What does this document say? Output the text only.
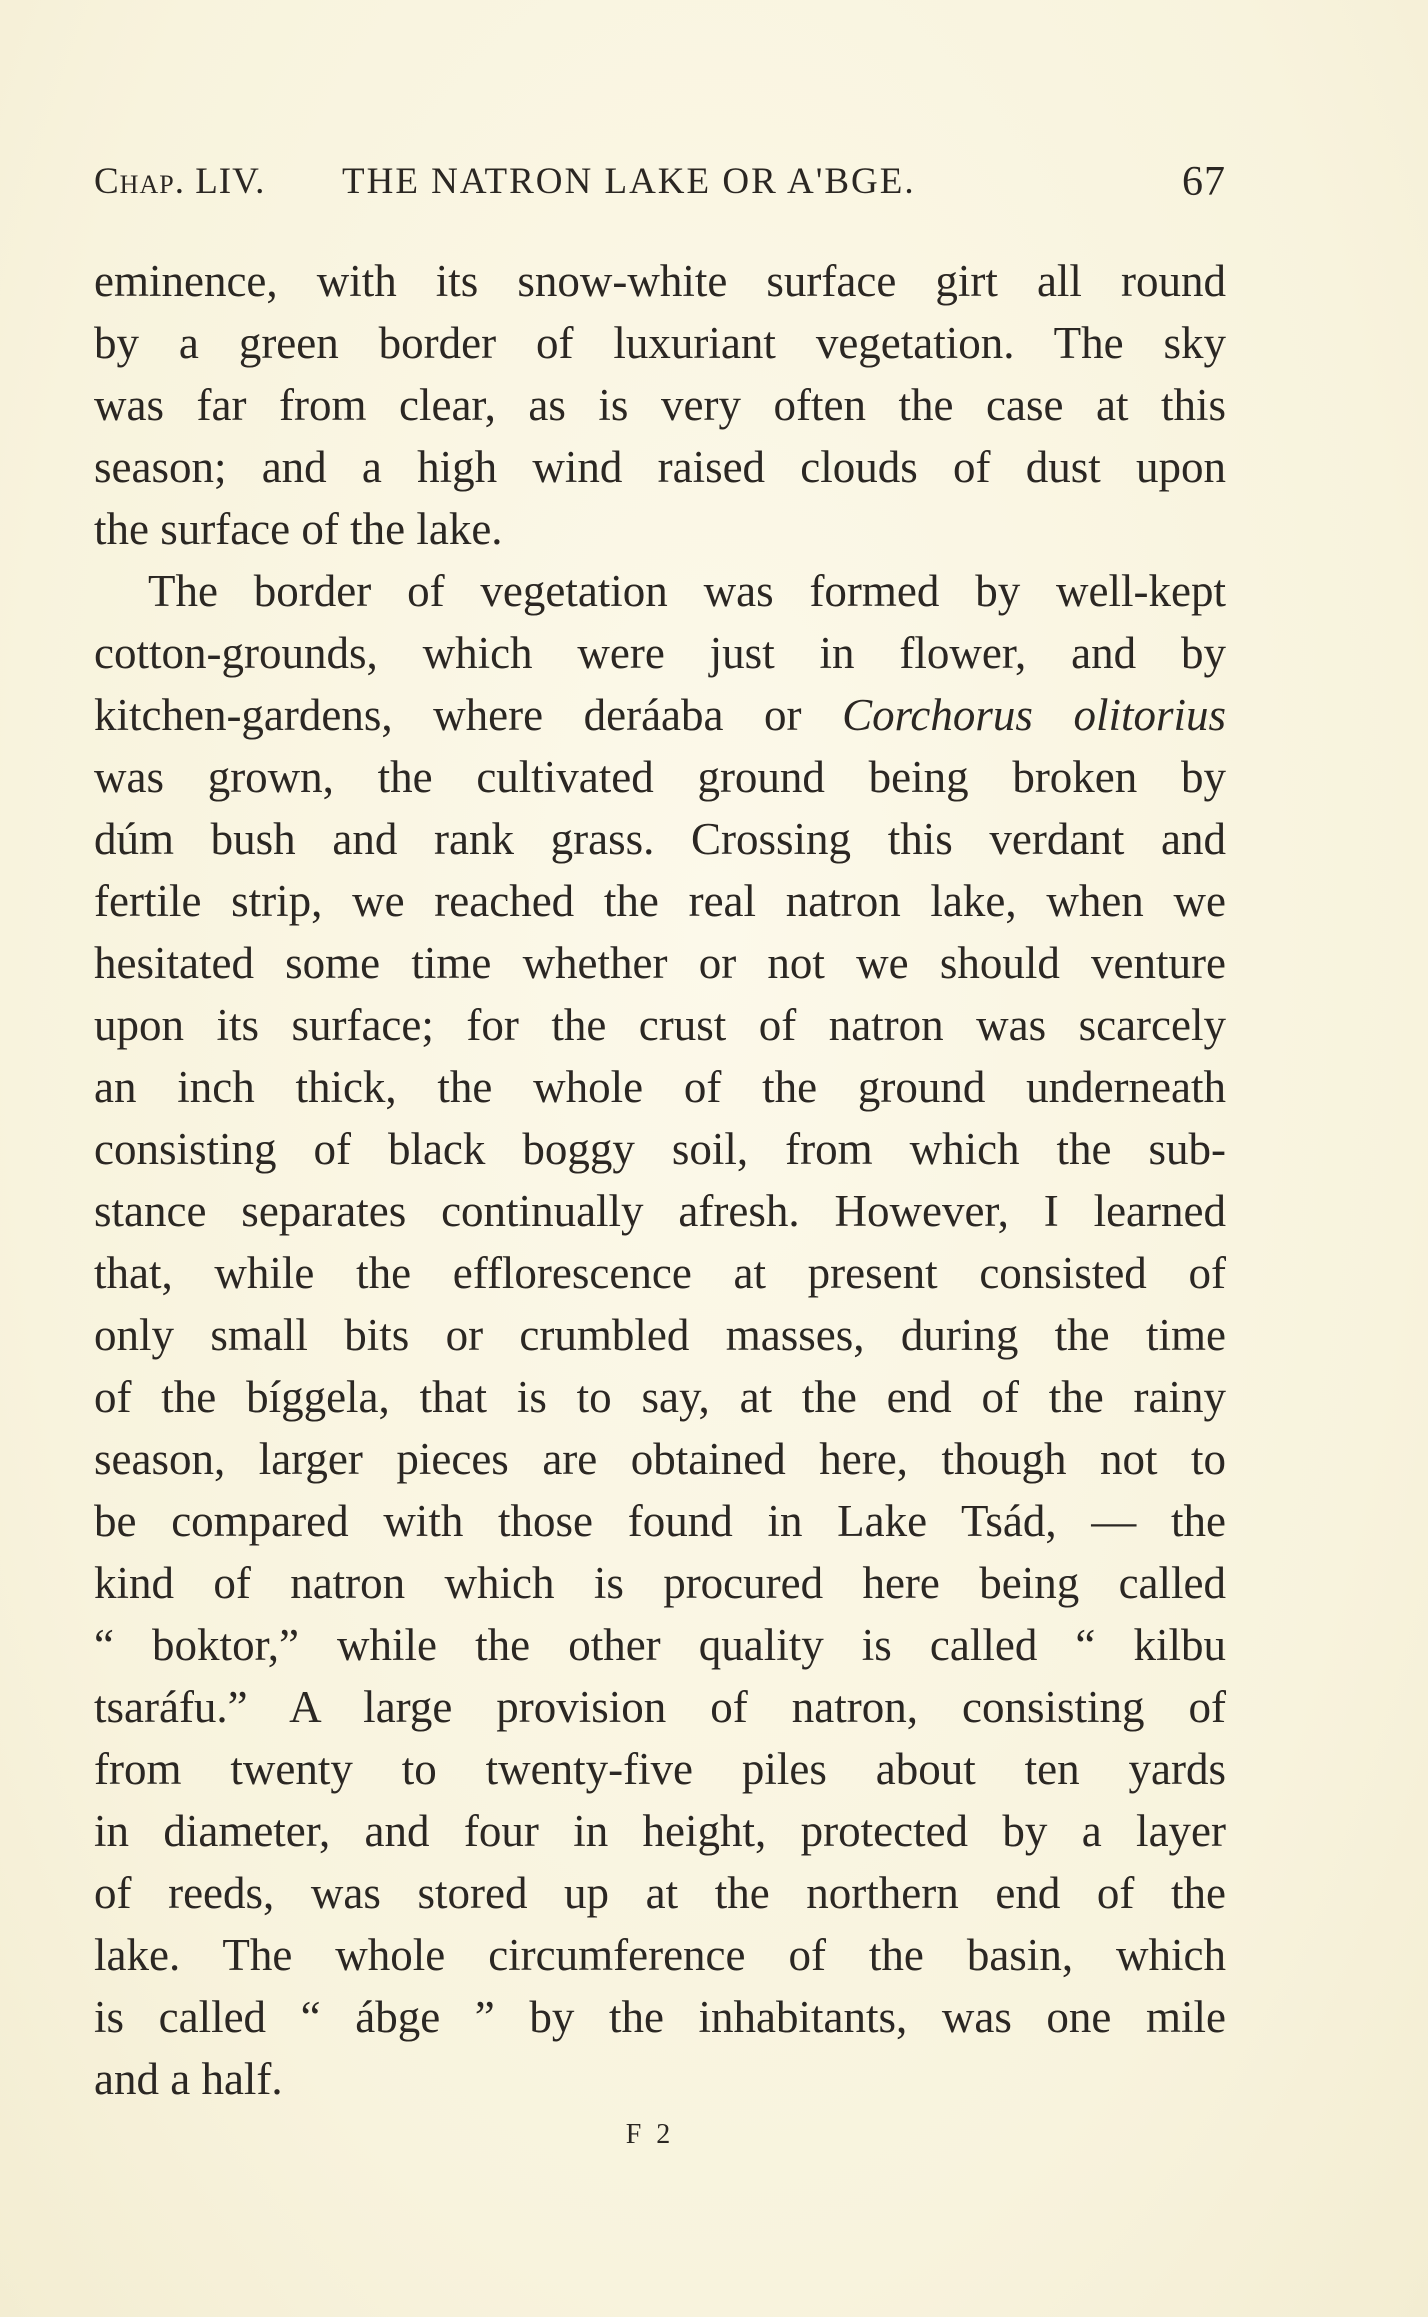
Chap. LIV. THE NATRON LAKE OR A'BGE.	67
eminence, with its snow-white surface girt all round
by a green border of luxuriant vegetation. The sky
was far from clear, as is very often the case at this
season; and a high wind raised clouds of dust upon
the surface of the lake.
The border of vegetation was formed by well-kept
cotton-grounds, which were just in flower, and by
kitchen-gardens, where deráaba or Corchorus olitorius
was grown, the cultivated ground being broken by
dúm bush and rank grass. Crossing this verdant and
fertile strip, we reached the real natron lake, when we
hesitated some time whether or not we should venture
upon its surface; for the crust of natron was scarcely
an inch thick, the whole of the ground underneath
consisting of black boggy soil, from which the sub-
stance separates continually afresh. However, I learned
that, while the efflorescence at present consisted of
only small bits or crumbled masses, during the time
of the bíggela, that is to say, at the end of the rainy
season, larger pieces are obtained here, though not to
be compared with those found in Lake Tsád, — the
kind of natron which is procured here being called
“ boktor,” while the other quality is called “ kilbu
tsaráfu.” A large provision of natron, consisting of
from twenty to twenty-five piles about ten yards
in diameter, and four in height, protected by a layer
of reeds, was stored up at the northern end of the
lake. The whole circumference of the basin, which
is called “ ábge ” by the inhabitants, was one mile
and a half.
F 2
